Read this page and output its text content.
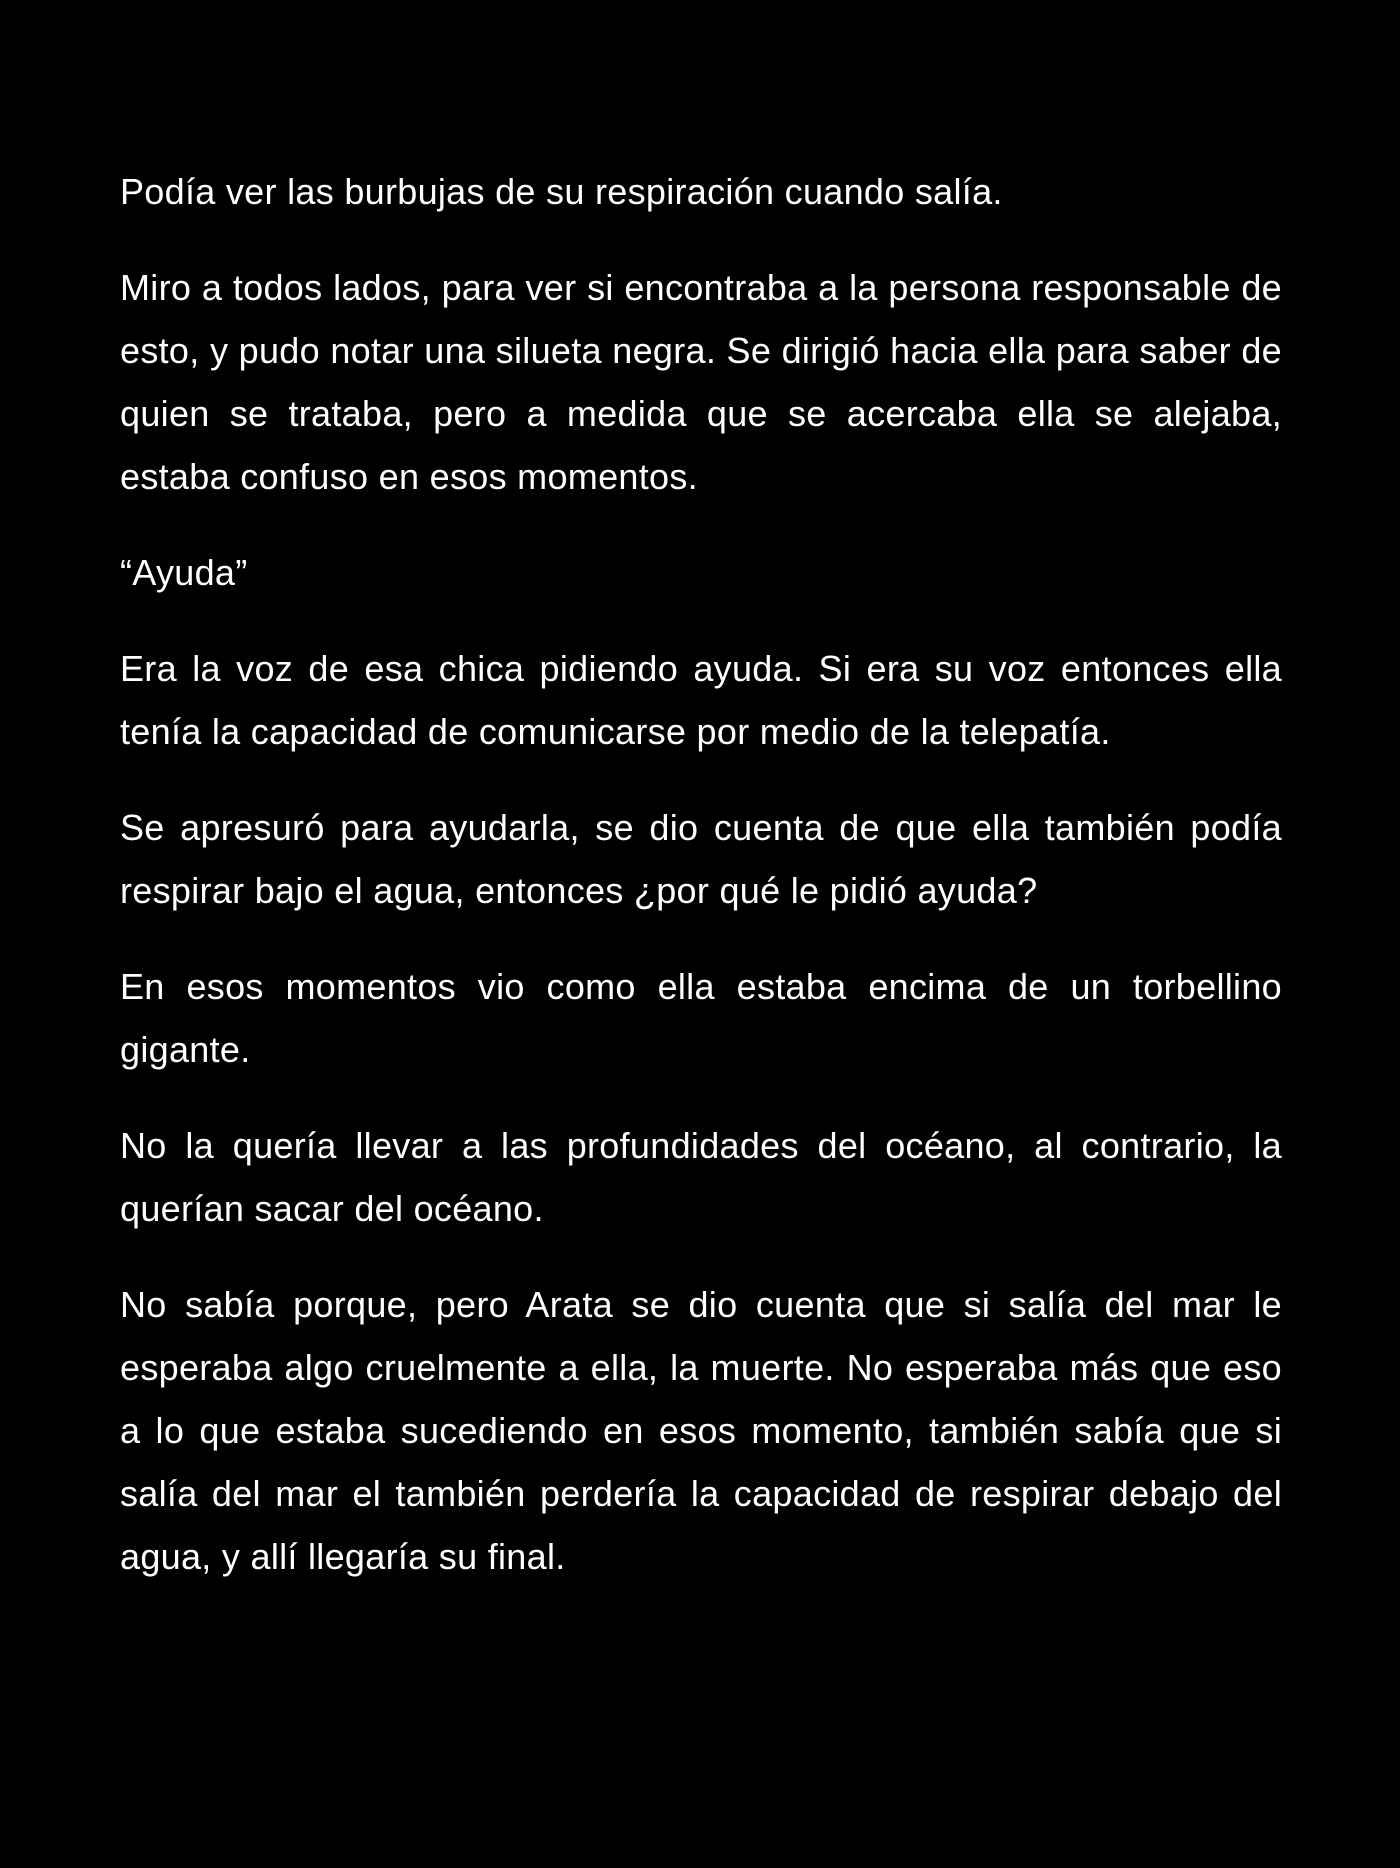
Podía ver las burbujas de su respiración cuando salía.

Miro a todos lados, para ver si encontraba a la persona responsable de esto, y pudo notar una silueta negra. Se dirigió hacia ella para saber de quien se trataba, pero a medida que se acercaba ella se alejaba, estaba confuso en esos momentos.

“Ayuda”

Era la voz de esa chica pidiendo ayuda. Si era su voz entonces ella tenía la capacidad de comunicarse por medio de la telepatía.

Se apresuró para ayudarla, se dio cuenta de que ella también podía respirar bajo el agua, entonces ¿por qué le pidió ayuda?

En esos momentos vio como ella estaba encima de un torbellino gigante.

No la quería llevar a las profundidades del océano, al contrario, la querían sacar del océano.

No sabía porque, pero Arata se dio cuenta que si salía del mar le esperaba algo cruelmente a ella, la muerte. No esperaba más que eso a lo que estaba sucediendo en esos momento, también sabía que si salía del mar el también perdería la capacidad de respirar debajo del agua, y allí llegaría su final.
